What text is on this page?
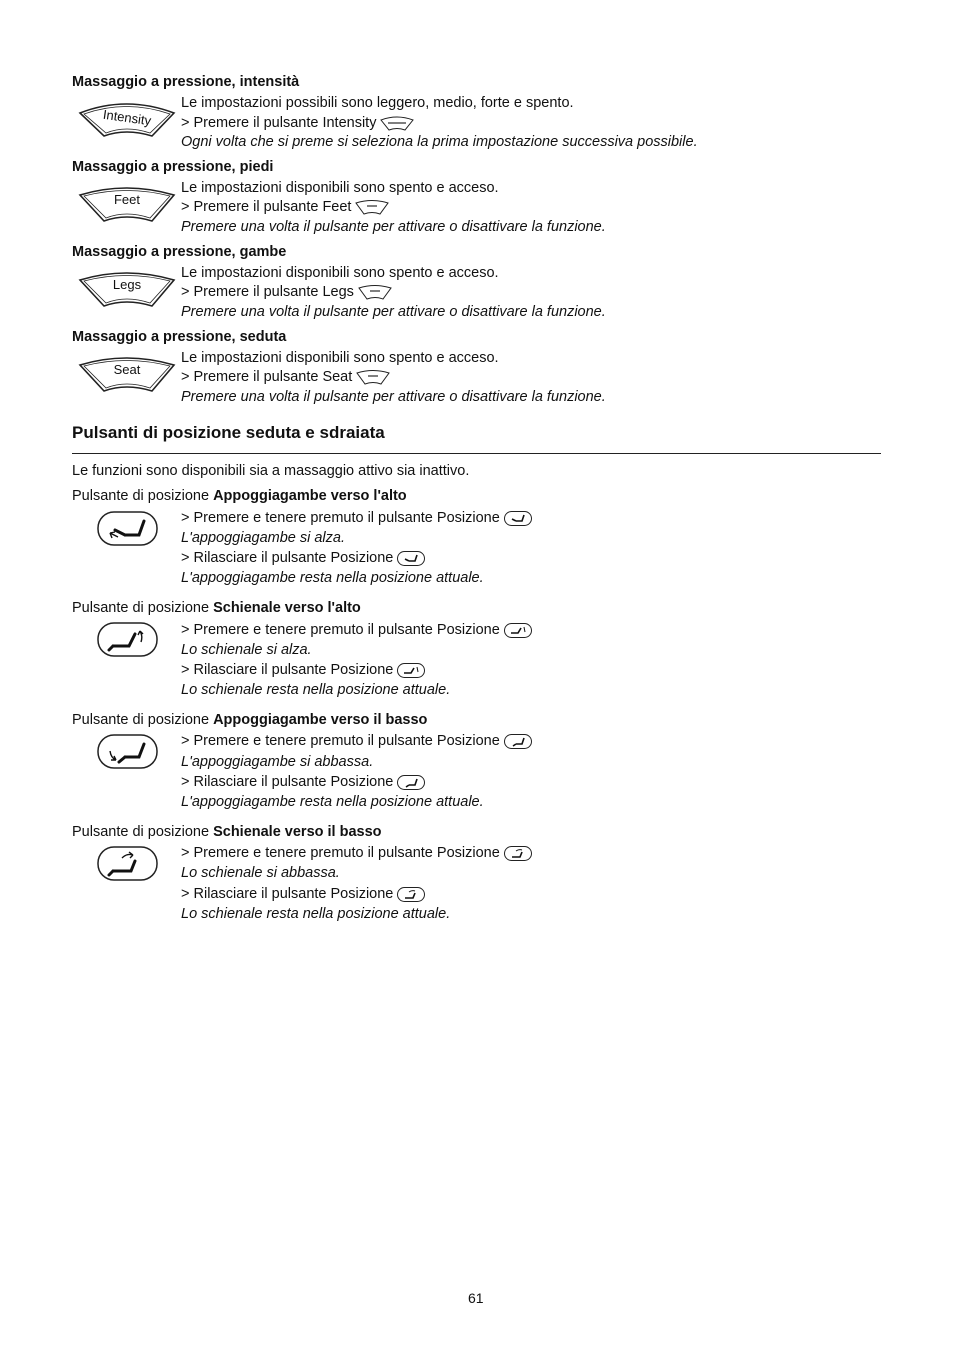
Massaggio a pressione, intensità
Intensity
Le impostazioni possibili sono leggero, medio, forte e spento.
> Premere il pulsante Intensity
Ogni volta che si preme si seleziona la prima impostazione successiva possibile.
Massaggio a pressione, piedi
Feet
Le impostazioni disponibili sono spento e acceso.
> Premere il pulsante Feet
Premere una volta il pulsante per attivare o disattivare la funzione.
Massaggio a pressione, gambe
Legs
Le impostazioni disponibili sono spento e acceso.
> Premere il pulsante Legs
Premere una volta il pulsante per attivare o disattivare la funzione.
Massaggio a pressione, seduta
Seat
Le impostazioni disponibili sono spento e acceso.
> Premere il pulsante Seat
Premere una volta il pulsante per attivare o disattivare la funzione.
Pulsanti di posizione seduta e sdraiata
Le funzioni sono disponibili sia a massaggio attivo sia inattivo.
Pulsante di posizione Appoggiagambe verso l'alto
> Premere e tenere premuto il pulsante Posizione
L'appoggiagambe si alza.
> Rilasciare il pulsante Posizione
L'appoggiagambe resta nella posizione attuale.
Pulsante di posizione Schienale verso l'alto
> Premere e tenere premuto il pulsante Posizione
Lo schienale si alza.
> Rilasciare il pulsante Posizione
Lo schienale resta nella posizione attuale.
Pulsante di posizione Appoggiagambe verso il basso
> Premere e tenere premuto il pulsante Posizione
L'appoggiagambe si abbassa.
> Rilasciare il pulsante Posizione
L'appoggiagambe resta nella posizione attuale.
Pulsante di posizione Schienale verso il basso
> Premere e tenere premuto il pulsante Posizione
Lo schienale si abbassa.
> Rilasciare il pulsante Posizione
Lo schienale resta nella posizione attuale.
61
